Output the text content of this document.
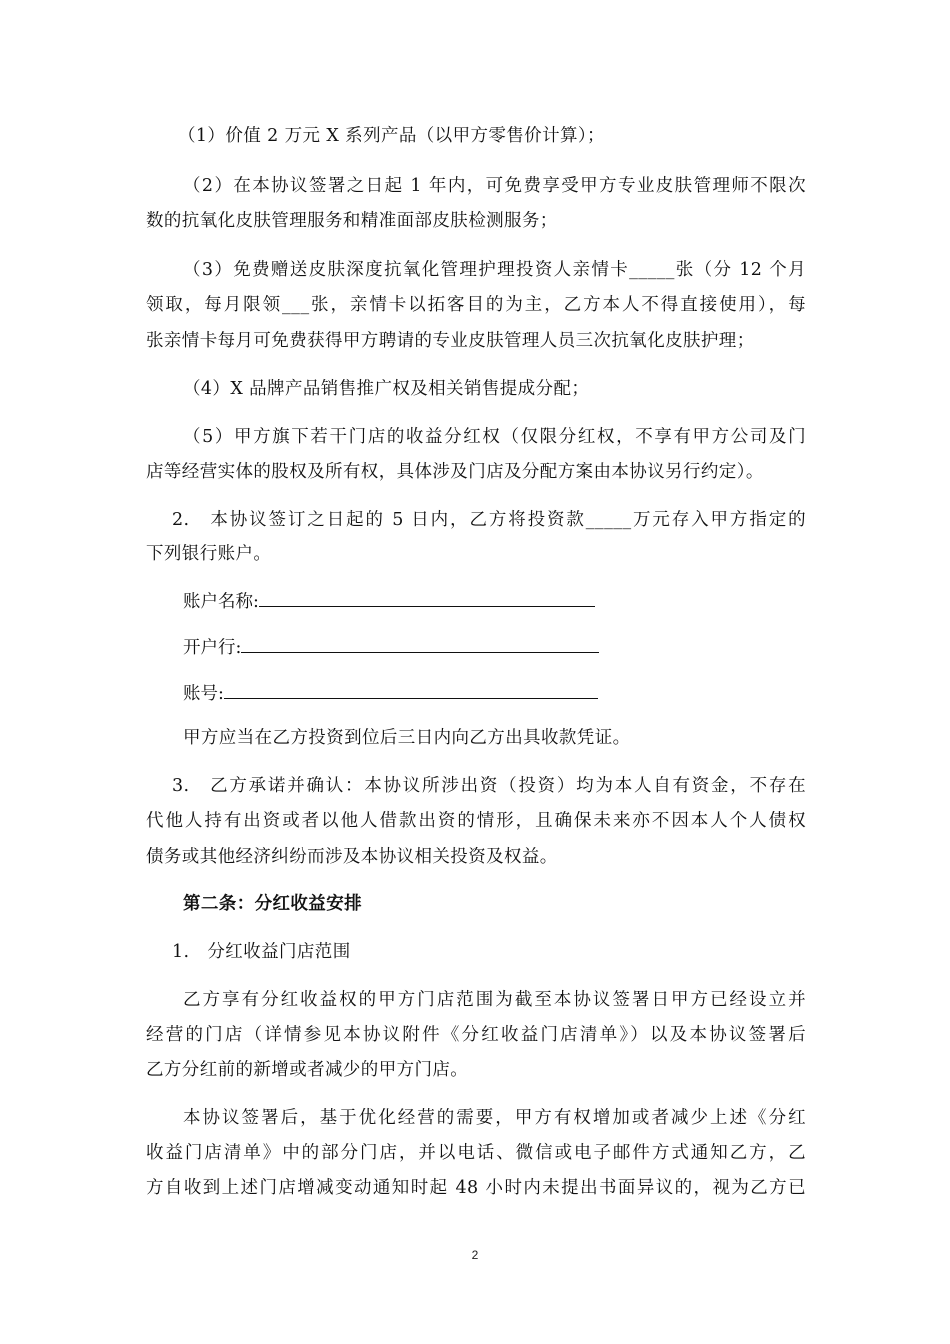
（1）价值 2 万元 X 系列产品（以甲方零售价计算）；
（2）在本协议签署之日起 1 年内，可免费享受甲方专业皮肤管理师不限次
数的抗氧化皮肤管理服务和精准面部皮肤检测服务；
（3）免费赠送皮肤深度抗氧化管理护理投资人亲情卡_____张（分 12 个月
领取，每月限领___张，亲情卡以拓客目的为主，乙方本人不得直接使用），每
张亲情卡每月可免费获得甲方聘请的专业皮肤管理人员三次抗氧化皮肤护理；
（4）X 品牌产品销售推广权及相关销售提成分配；
（5）甲方旗下若干门店的收益分红权（仅限分红权，不享有甲方公司及门
店等经营实体的股权及所有权，具体涉及门店及分配方案由本协议另行约定）。
2.　本协议签订之日起的 5 日内，乙方将投资款_____万元存入甲方指定的
下列银行账户。
账户名称:
开户行:
账号:
甲方应当在乙方投资到位后三日内向乙方出具收款凭证。
3.　乙方承诺并确认：本协议所涉出资（投资）均为本人自有资金，不存在
代他人持有出资或者以他人借款出资的情形，且确保未来亦不因本人个人债权
债务或其他经济纠纷而涉及本协议相关投资及权益。
第二条：分红收益安排
1.　分红收益门店范围
乙方享有分红收益权的甲方门店范围为截至本协议签署日甲方已经设立并
经营的门店（详情参见本协议附件《分红收益门店清单》）以及本协议签署后
乙方分红前的新增或者减少的甲方门店。
本协议签署后，基于优化经营的需要，甲方有权增加或者减少上述《分红
收益门店清单》中的部分门店，并以电话、微信或电子邮件方式通知乙方，乙
方自收到上述门店增减变动通知时起 48 小时内未提出书面异议的，视为乙方已
2
